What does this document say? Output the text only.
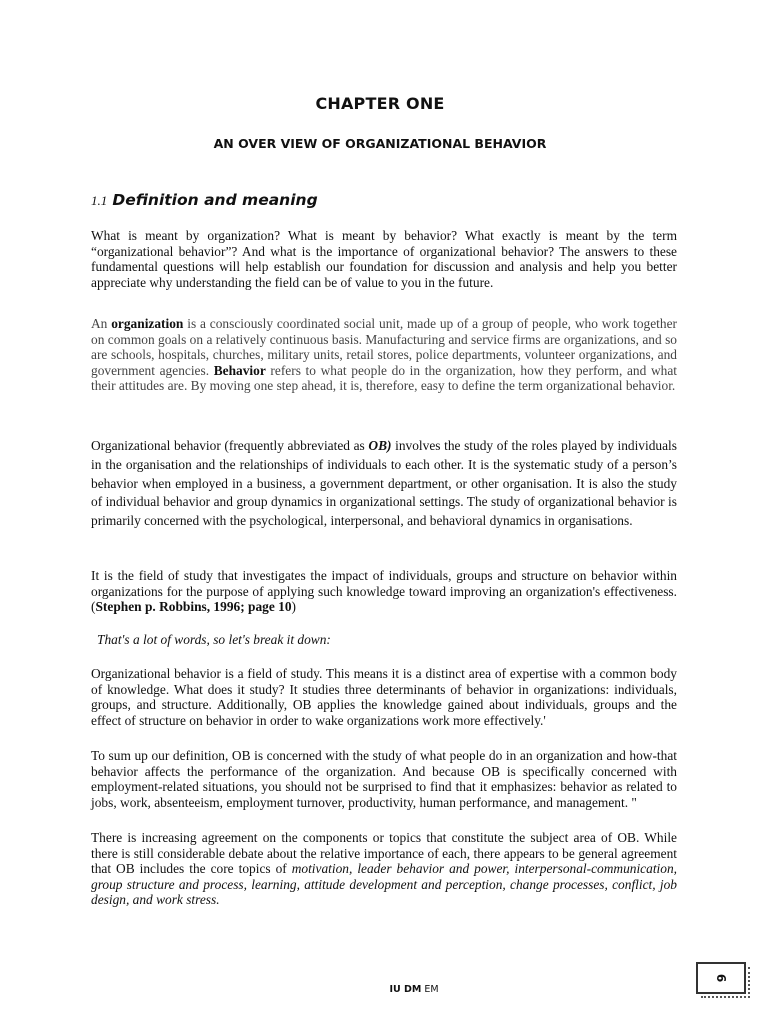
CHAPTER ONE
AN OVER VIEW OF ORGANIZATIONAL BEHAVIOR
1.1 Definition and meaning

What is meant by organization? What is meant by behavior? What exactly is meant by the term “organizational behavior”? And what is the importance of organizational behavior? The answers to these fundamental questions will help establish our foundation for discussion and analysis and help you better appreciate why understanding the field can be of value to you in the future.

An organization is a consciously coordinated social unit, made up of a group of people, who work together on common goals on a relatively continuous basis. Manufacturing and service firms are organizations, and so are schools, hospitals, churches, military units, retail stores, police departments, volunteer organizations, and government agencies. Behavior refers to what people do in the organization, how they perform, and what their attitudes are. By moving one step ahead, it is, therefore, easy to define the term organizational behavior.

Organizational behavior (frequently abbreviated as OB) involves the study of the roles played by individuals in the organisation and the relationships of individuals to each other. It is the systematic study of a person’s behavior when employed in a business, a government department, or other organisation. It is also the study of individual behavior and group dynamics in organizational settings. The study of organizational behavior is primarily concerned with the psychological, interpersonal, and behavioral dynamics in organisations.

It is the field of study that investigates the impact of individuals, groups and structure on behavior within organizations for the purpose of applying such knowledge toward improving an organization's effectiveness. (Stephen p. Robbins, 1996; page 10)

That's a lot of words, so let's break it down:

Organizational behavior is a field of study. This means it is a distinct area of expertise with a common body of knowledge. What does it study? It studies three determinants of behavior in organizations: individuals, groups, and structure. Additionally, OB applies the knowledge gained about individuals, groups and the effect of structure on behavior in order to wake organizations work more effectively.'

To sum up our definition, OB is concerned with the study of what people do in an organization and how-that behavior affects the performance of the organization. And because OB is specifically concerned with employment-related situations, you should not be surprised to find that it emphasizes: behavior as related to jobs, work, absenteeism, employment turnover, productivity, human performance, and management. "

There is increasing agreement on the components or topics that constitute the subject area of OB. While there is still considerable debate about the relative importance of each, there appears to be general agreement that OB includes the core topics of motivation, leader behavior and power, interpersonal-communication, group structure and process, learning, attitude development and perception, change processes, conflict, job design, and work stress.

IU DM EM
6
